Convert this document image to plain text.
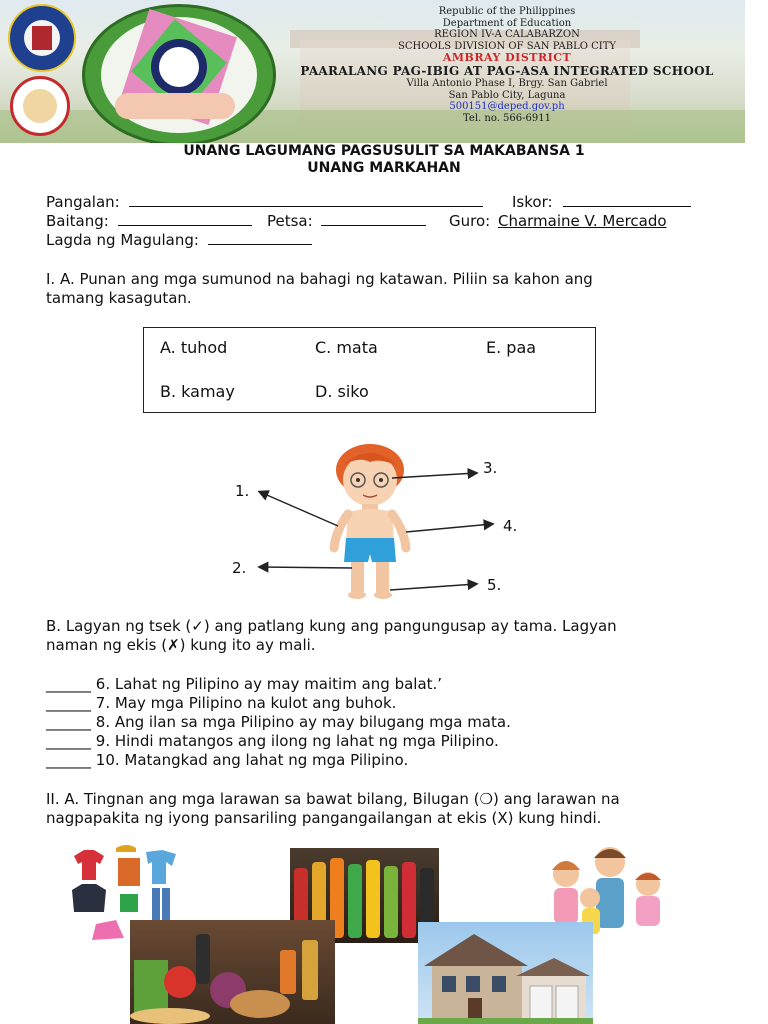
Republic of the Philippines
Department of Education
REGION IV-A CALABARZON
SCHOOLS DIVISION OF SAN PABLO CITY
AMBRAY DISTRICT
PAARALANG PAG-IBIG AT PAG-ASA INTEGRATED SCHOOL
Villa Antonio Phase I, Brgy. San Gabriel
San Pablo City, Laguna
500151@deped.gov.ph
Tel. no. 566-6911
UNANG LAGUMANG PAGSUSULIT SA MAKABANSA 1
UNANG MARKAHAN
Pangalan:	Iskor:
Baitang:	Petsa:	Guro: Charmaine V. Mercado
Lagda ng Magulang:
I. A. Punan ang mga sumunod na bahagi ng katawan. Piliin sa kahon ang
tamang kasagutan.
A. tuhod
B. kamay
C. mata
D. siko
E. paa
1.
2.
3.
4.
5.
B. Lagyan ng tsek (✓) ang patlang kung ang pangungusap ay tama. Lagyan
naman ng ekis (✗) kung ito ay mali.
______ 6. Lahat ng Pilipino ay may maitim ang balat.’
______ 7. May mga Pilipino na kulot ang buhok.
______ 8. Ang ilan sa mga Pilipino ay may bilugang mga mata.
______ 9. Hindi matangos ang ilong ng lahat ng mga Pilipino.
______ 10. Matangkad ang lahat ng mga Pilipino.
II. A. Tingnan ang mga larawan sa bawat bilang, Bilugan (❍) ang larawan na
nagpapakita ng iyong pansariling pangangailangan at ekis (X) kung hindi.
